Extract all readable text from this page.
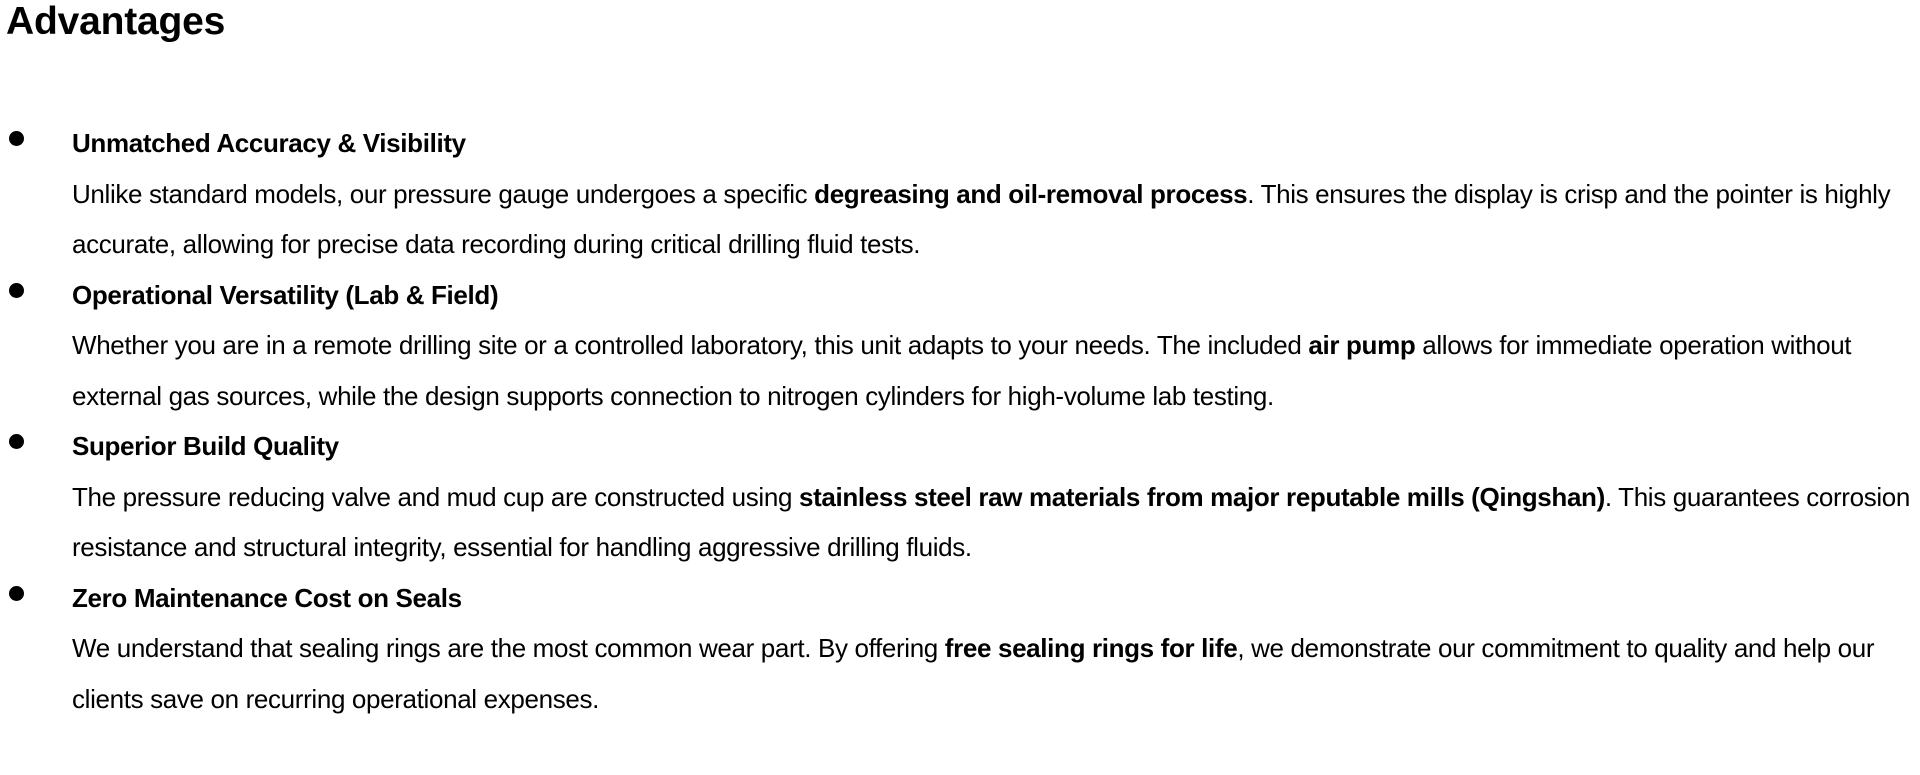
Advantages
Unmatched Accuracy & Visibility
Unlike standard models, our pressure gauge undergoes a specific degreasing and oil-removal process. This ensures the display is crisp and the pointer is highly accurate, allowing for precise data recording during critical drilling fluid tests.
Operational Versatility (Lab & Field)
Whether you are in a remote drilling site or a controlled laboratory, this unit adapts to your needs. The included air pump allows for immediate operation without external gas sources, while the design supports connection to nitrogen cylinders for high-volume lab testing.
Superior Build Quality
The pressure reducing valve and mud cup are constructed using stainless steel raw materials from major reputable mills (Qingshan). This guarantees corrosion resistance and structural integrity, essential for handling aggressive drilling fluids.
Zero Maintenance Cost on Seals
We understand that sealing rings are the most common wear part. By offering free sealing rings for life, we demonstrate our commitment to quality and help our clients save on recurring operational expenses.
